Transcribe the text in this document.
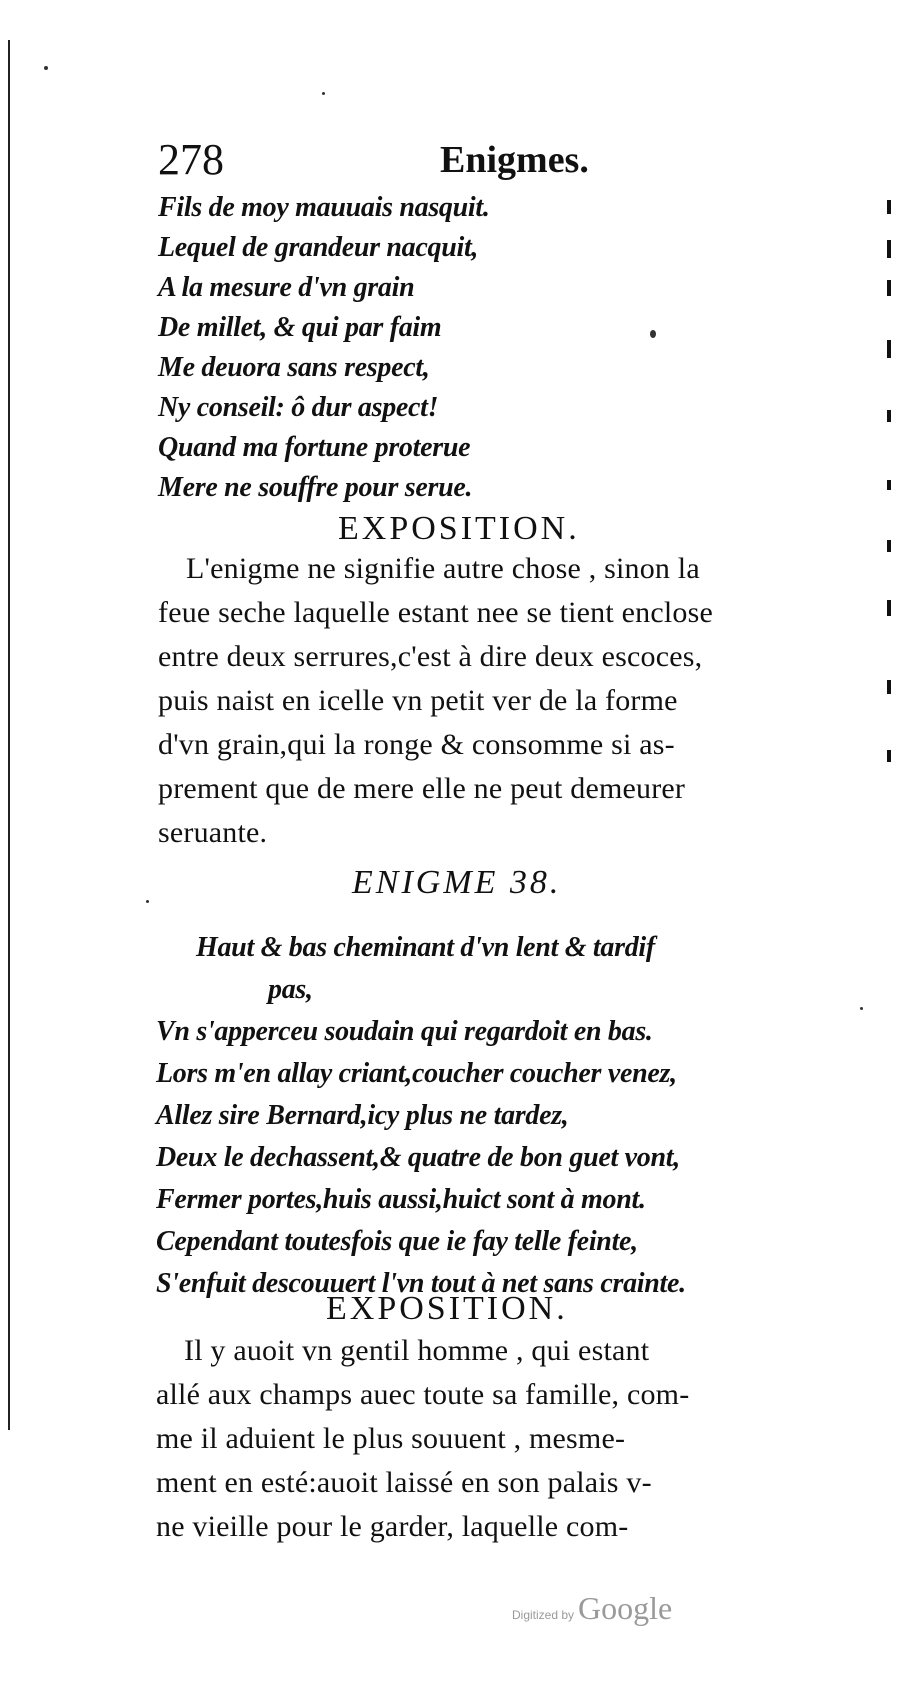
278	Enigmes.
Fils de moy mauuais nasquit.
Lequel de grandeur nacquit,
A la mesure d'vn grain
De millet, & qui par faim
Me deuora sans respect,
Ny conseil: ô dur aspect!
Quand ma fortune proterue
Mere ne souffre pour serue.
EXPOSITION.
L'enigme ne signifie autre chose , sinon la
feue seche laquelle estant nee se tient enclose
entre deux serrures,c'est à dire deux escoces,
puis naist en icelle vn petit ver de la forme
d'vn grain,qui la ronge & consomme si as-
prement que de mere elle ne peut demeurer
seruante.
ENIGME 38.
Haut & bas cheminant d'vn lent & tardif
pas,
Vn s'apperceu soudain qui regardoit en bas.
Lors m'en allay criant,coucher coucher venez,
Allez sire Bernard,icy plus ne tardez,
Deux le dechassent,& quatre de bon guet vont,
Fermer portes,huis aussi,huict sont à mont.
Cependant toutesfois que ie fay telle feinte,
S'enfuit descouuert l'vn tout à net sans crainte.
EXPOSITION.
Il y auoit vn gentil homme , qui estant
allé aux champs auec toute sa famille, com-
me il aduient le plus souuent , mesme-
ment en esté:auoit laissé en son palais v-
ne vieille pour le garder, laquelle com-
Digitized by Google
